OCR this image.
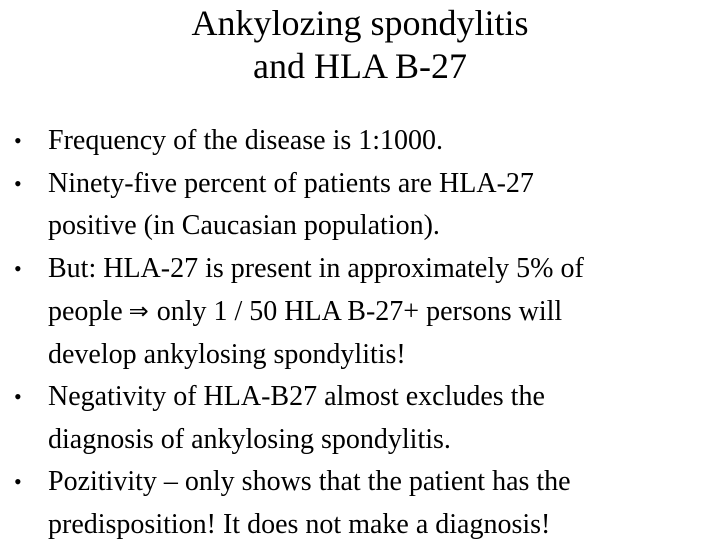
Ankylozing spondylitis
and HLA B-27
• Frequency of the disease is 1:1000.
• Ninety-five percent of patients are HLA-27
positive (in Caucasian population).
• But: HLA-27 is present in approximately 5% of
people ⇒ only 1 / 50 HLA B-27+ persons will
develop ankylosing spondylitis!
• Negativity of HLA-B27 almost excludes the
diagnosis of ankylosing spondylitis.
• Pozitivity – only shows that the patient has the
predisposition! It does not make a diagnosis!
